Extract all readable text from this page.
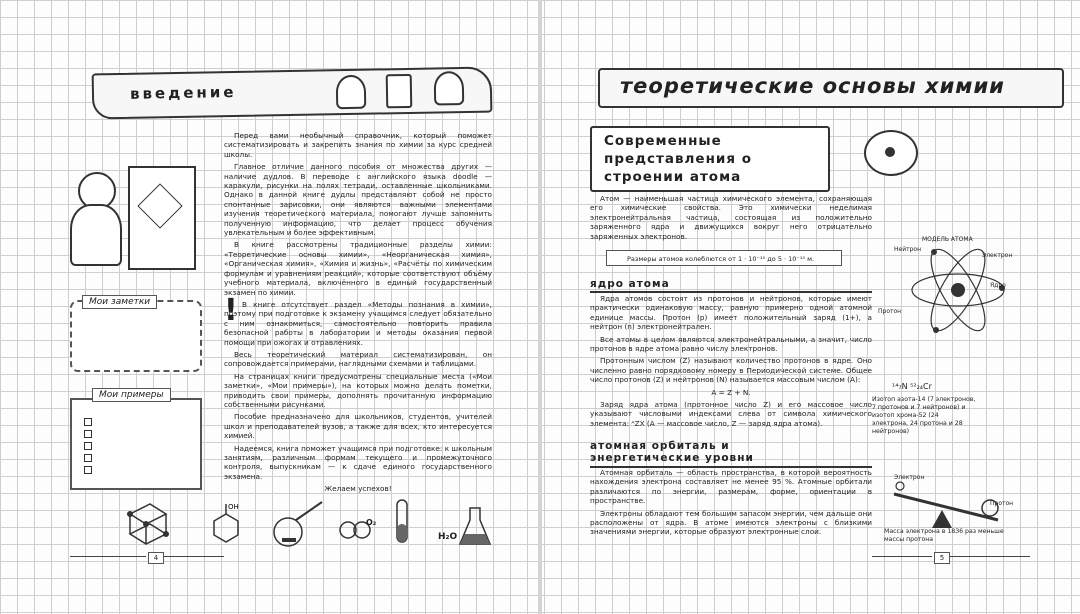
введение

Перед вами необычный справочник, который поможет систематизировать и закрепить знания по химии за курс средней школы.

Главное отличие данного пособия от множества других — наличие дудлов. В переводе с английского языка doodle — каракули, рисунки на полях тетради, оставленные школьниками. Однако в данной книге дудлы представляют собой не просто спонтанные зарисовки, они являются важными элементами изучения теоретического материала, помогают лучше запомнить полученную информацию, что делает процесс обучения увлекательным и более эффективным.

В книге рассмотрены традиционные разделы химии: «Теоретические основы химии», «Неорганическая химия», «Органическая химия», «Химия и жизнь», «Расчёты по химическим формулам и уравнениям реакций», которые соответствуют объёму учебного материала, включённого в единый государственный экзамен по химии.

В книге отсутствует раздел «Методы познания в химии», поэтому при подготовке к экзамену учащимся следует обязательно с ним ознакомиться, самостоятельно повторить правила безопасной работы в лаборатории и методы оказания первой помощи при ожогах и отравлениях.

Весь теоретический материал систематизирован, он сопровождается примерами, наглядными схемами и таблицами.

На страницах книги предусмотрены специальные места («Мои заметки», «Мои примеры»), на которых можно делать пометки, приводить свои примеры, дополнять прочитанную информацию собственными рисунками.

Пособие предназначено для школьников, студентов, учителей школ и преподавателей вузов, а также для всех, кто интересуется химией.

Надеемся, книга поможет учащимся при подготовке: к школьным занятиям, различным формам текущего и промежуточного контроля, выпускникам — к сдаче единого государственного экзамена.

Желаем успехов!

!
Мои заметки
Мои примеры
OH
O₂
H₂O
4
теоретические основы химии
Современные представления о строении атома

Атом — наименьшая частица химического элемента, сохраняющая его химические свойства. Это химически неделимая электронейтральная частица, состоящая из положительно заряженного ядра и движущихся вокруг него отрицательно заряженных электронов.

Размеры атомов колеблются от 1 · 10⁻¹⁰ до 5 · 10⁻¹⁰ м.
ядро атома

Ядра атомов состоят из протонов и нейтронов, которые имеют практически одинаковую массу, равную примерно одной атомной единице массы. Протон (p) имеет положительный заряд (1+), а нейтрон (n) электронейтрален.

Все атомы в целом являются электронейтральными, а значит, число протонов в ядре атома равно числу электронов.

Протонным числом (Z) называют количество протонов в ядре. Оно численно равно порядковому номеру в Периодической системе. Общее число протонов (Z) и нейтронов (N) называется массовым числом (A):

A = Z + N.

Заряд ядра атома (протонное число Z) и его массовое число указывают числовыми индексами слева от символа химического элемента: ᴬZX (A — массовое число, Z — заряд ядра атома).

атомная орбиталь и энергетические уровни

Атомная орбиталь — область пространства, в которой вероятность нахождения электрона составляет не менее 95 %. Атомные орбитали различаются по энергии, размерам, форме, ориентации в пространстве.

Электроны обладают тем большим запасом энергии, чем дальше они расположены от ядра. В атоме имеются электроны с близкими значениями энергии, которые образуют электронные слои.

МОДЕЛЬ АТОМА
Нейтрон
Электрон
Ядро
Протон
¹⁴₇N ⁵²₂₄Cr
Изотоп азота-14 (7 электронов, 7 протонов и 7 нейтронов) и изотоп хрома-52 (24 электрона, 24 протона и 28 нейтронов)
Электрон
Протон
Масса электрона в 1836 раз меньше массы протона
5
